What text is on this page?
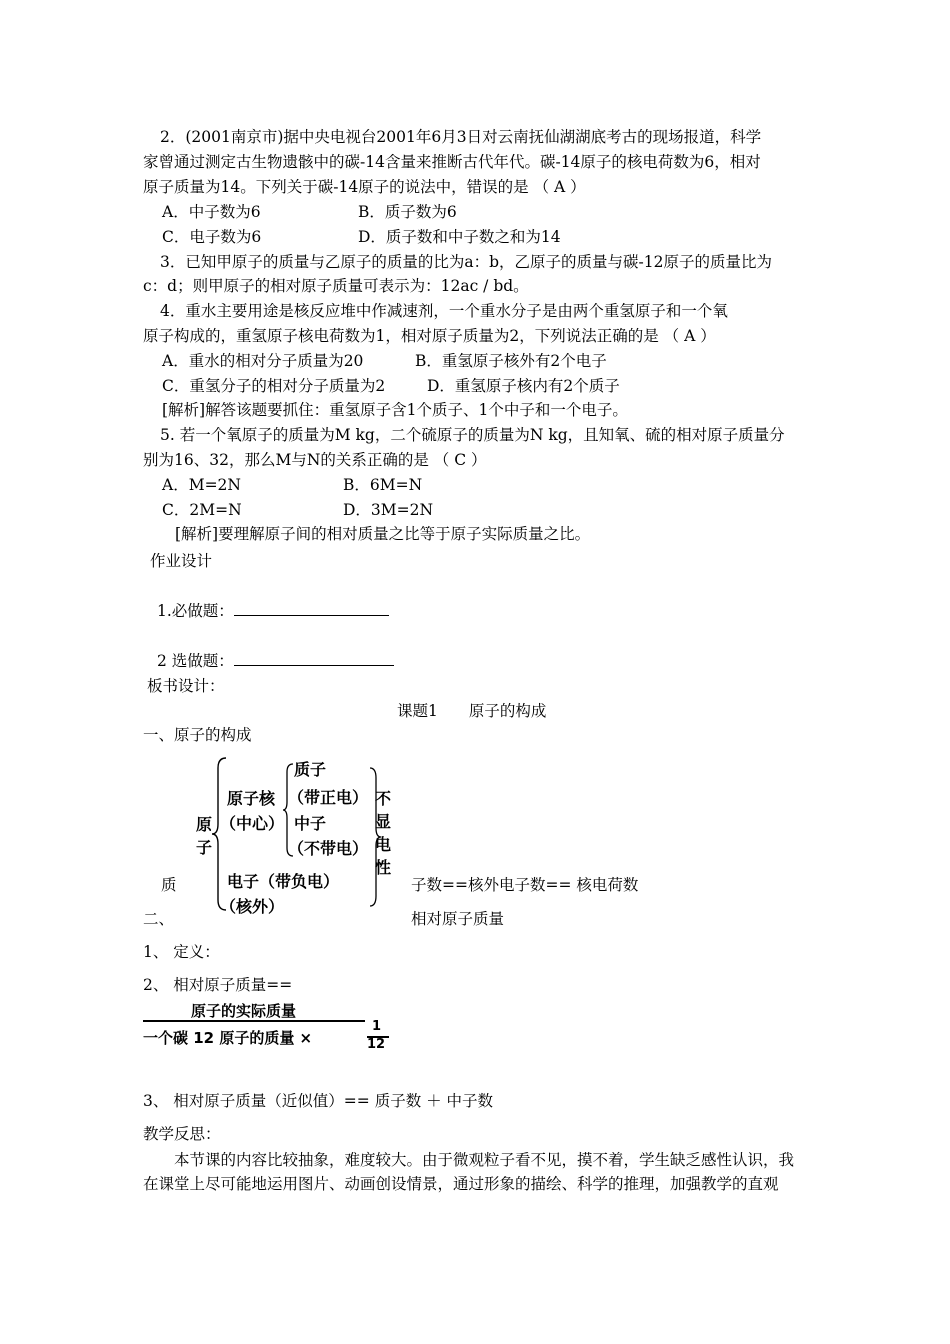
2．(2001南京市)据中央电视台2001年6月3日对云南抚仙湖湖底考古的现场报道，科学
家曾通过测定古生物遗骸中的碳-14含量来推断古代年代。碳-14原子的核电荷数为6，相对
原子质量为14。下列关于碳-14原子的说法中，错误的是 （ A ）
A．中子数为6	B．质子数为6
C．电子数为6	D．质子数和中子数之和为14
3．已知甲原子的质量与乙原子的质量的比为a：b，乙原子的质量与碳-12原子的质量比为
c：d；则甲原子的相对原子质量可表示为：12ac / bd。
4．重水主要用途是核反应堆中作减速剂，一个重水分子是由两个重氢原子和一个氧
原子构成的，重氢原子核电荷数为1，相对原子质量为2，下列说法正确的是 （ A ）
A．重水的相对分子质量为20	B．重氢原子核外有2个电子
C．重氢分子的相对分子质量为2	D．重氢原子核内有2个质子
[解析]解答该题要抓住：重氢原子含1个质子、1个中子和一个电子。
5. 若一个氧原子的质量为M kg，二个硫原子的质量为N kg，且知氧、硫的相对原子质量分
别为16、32，那么M与N的关系正确的是 （ C ）
A．M=2N	B．6M=N
C．2M=N	D．3M=2N
[解析]要理解原子间的相对质量之比等于原子实际质量之比。
作业设计
1.必做题：
2 选做题：
板书设计：
课题1　　原子的构成
一、原子的构成
原
子
原子核
（中心）
质子
（带正电）
中子
（不带电）
电子（带负电）
（核外）
不
显
电
性
质	子数==核外电子数== 核电荷数
二、	相对原子质量
1、 定义：
2、 相对原子质量==
原子的实际质量
一个碳 12 原子的质量 ×
1
12
3、 相对原子质量（近似值）== 质子数 ＋ 中子数
教学反思：
　　本节课的内容比较抽象，难度较大。由于微观粒子看不见，摸不着，学生缺乏感性认识，我
在课堂上尽可能地运用图片、动画创设情景，通过形象的描绘、科学的推理，加强教学的直观
